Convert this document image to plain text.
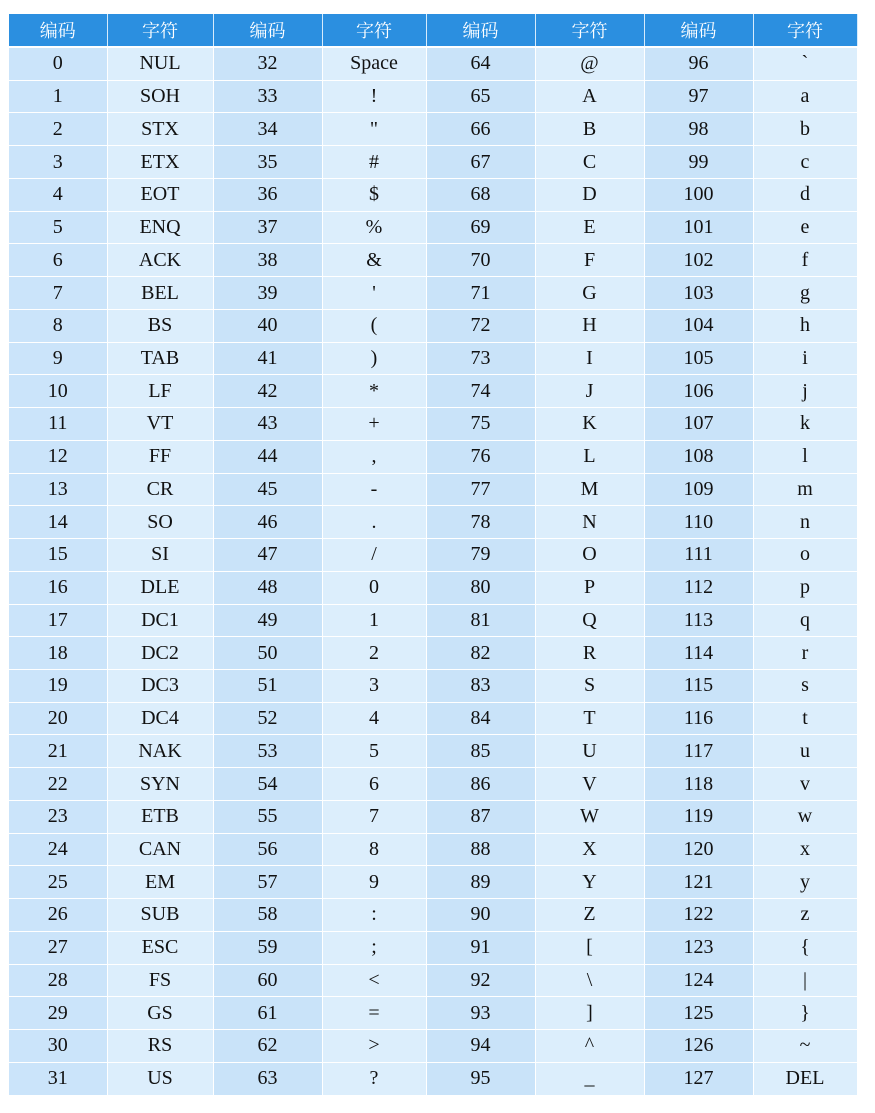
编码	字符	编码	字符	编码	字符	编码	字符
0	NUL	32	Space	64	@	96	`
1	SOH	33	!	65	A	97	a
2	STX	34	"	66	B	98	b
3	ETX	35	#	67	C	99	c
4	EOT	36	$	68	D	100	d
5	ENQ	37	%	69	E	101	e
6	ACK	38	&	70	F	102	f
7	BEL	39	'	71	G	103	g
8	BS	40	(	72	H	104	h
9	TAB	41	)	73	I	105	i
10	LF	42	*	74	J	106	j
11	VT	43	+	75	K	107	k
12	FF	44	,	76	L	108	l
13	CR	45	-	77	M	109	m
14	SO	46	.	78	N	110	n
15	SI	47	/	79	O	111	o
16	DLE	48	0	80	P	112	p
17	DC1	49	1	81	Q	113	q
18	DC2	50	2	82	R	114	r
19	DC3	51	3	83	S	115	s
20	DC4	52	4	84	T	116	t
21	NAK	53	5	85	U	117	u
22	SYN	54	6	86	V	118	v
23	ETB	55	7	87	W	119	w
24	CAN	56	8	88	X	120	x
25	EM	57	9	89	Y	121	y
26	SUB	58	:	90	Z	122	z
27	ESC	59	;	91	[	123	{
28	FS	60	<	92	\	124	|
29	GS	61	=	93	]	125	}
30	RS	62	>	94	^	126	~
31	US	63	?	95	_	127	DEL
